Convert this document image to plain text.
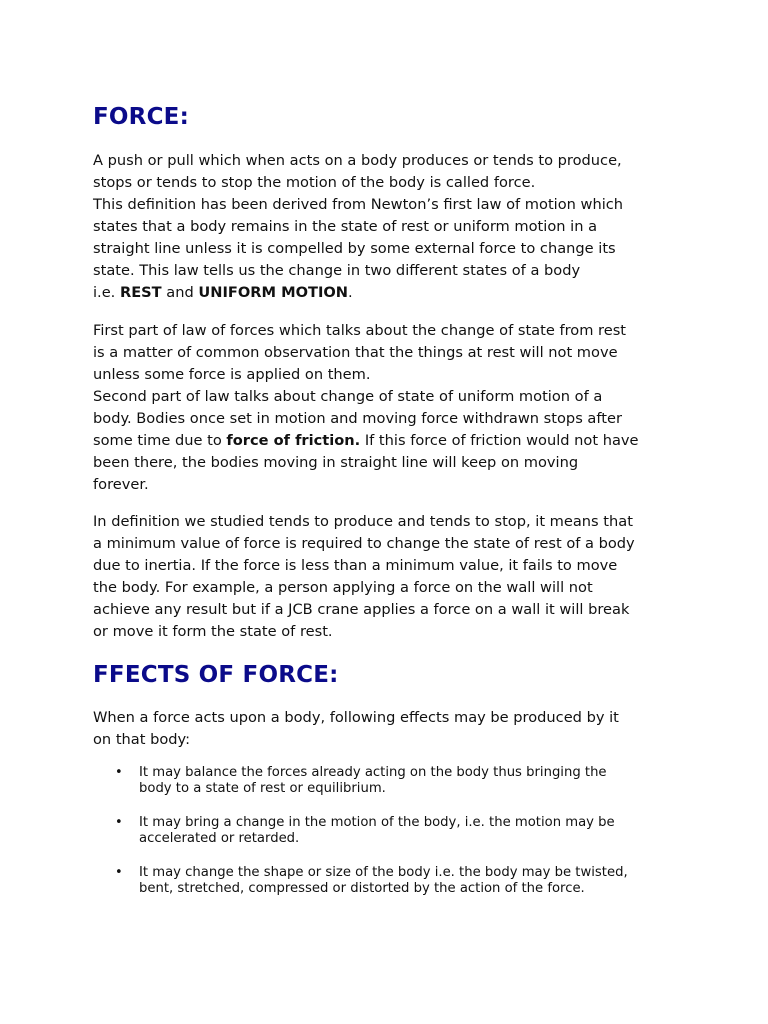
FORCE:

A push or pull which when acts on a body produces or tends to produce,
stops or tends to stop the motion of the body is called force.
This definition has been derived from Newton’s first law of motion which
states that a body remains in the state of rest or uniform motion in a
straight line unless it is compelled by some external force to change its
state. This law tells us the change in two different states of a body
i.e. REST and UNIFORM MOTION.

First part of law of forces which talks about the change of state from rest
is a matter of common observation that the things at rest will not move
unless some force is applied on them.
Second part of law talks about change of state of uniform motion of a
body. Bodies once set in motion and moving force withdrawn stops after
some time due to force of friction. If this force of friction would not have
been there, the bodies moving in straight line will keep on moving
forever.

In definition we studied tends to produce and tends to stop, it means that
a minimum value of force is required to change the state of rest of a body
due to inertia. If the force is less than a minimum value, it fails to move
the body. For example, a person applying a force on the wall will not
achieve any result but if a JCB crane applies a force on a wall it will break
or move it form the state of rest.

FFECTS OF FORCE:

When a force acts upon a body, following effects may be produced by it
on that body:

• It may balance the forces already acting on the body thus bringing the
body to a state of rest or equilibrium.
• It may bring a change in the motion of the body, i.e. the motion may be
accelerated or retarded.
• It may change the shape or size of the body i.e. the body may be twisted,
bent, stretched, compressed or distorted by the action of the force.
